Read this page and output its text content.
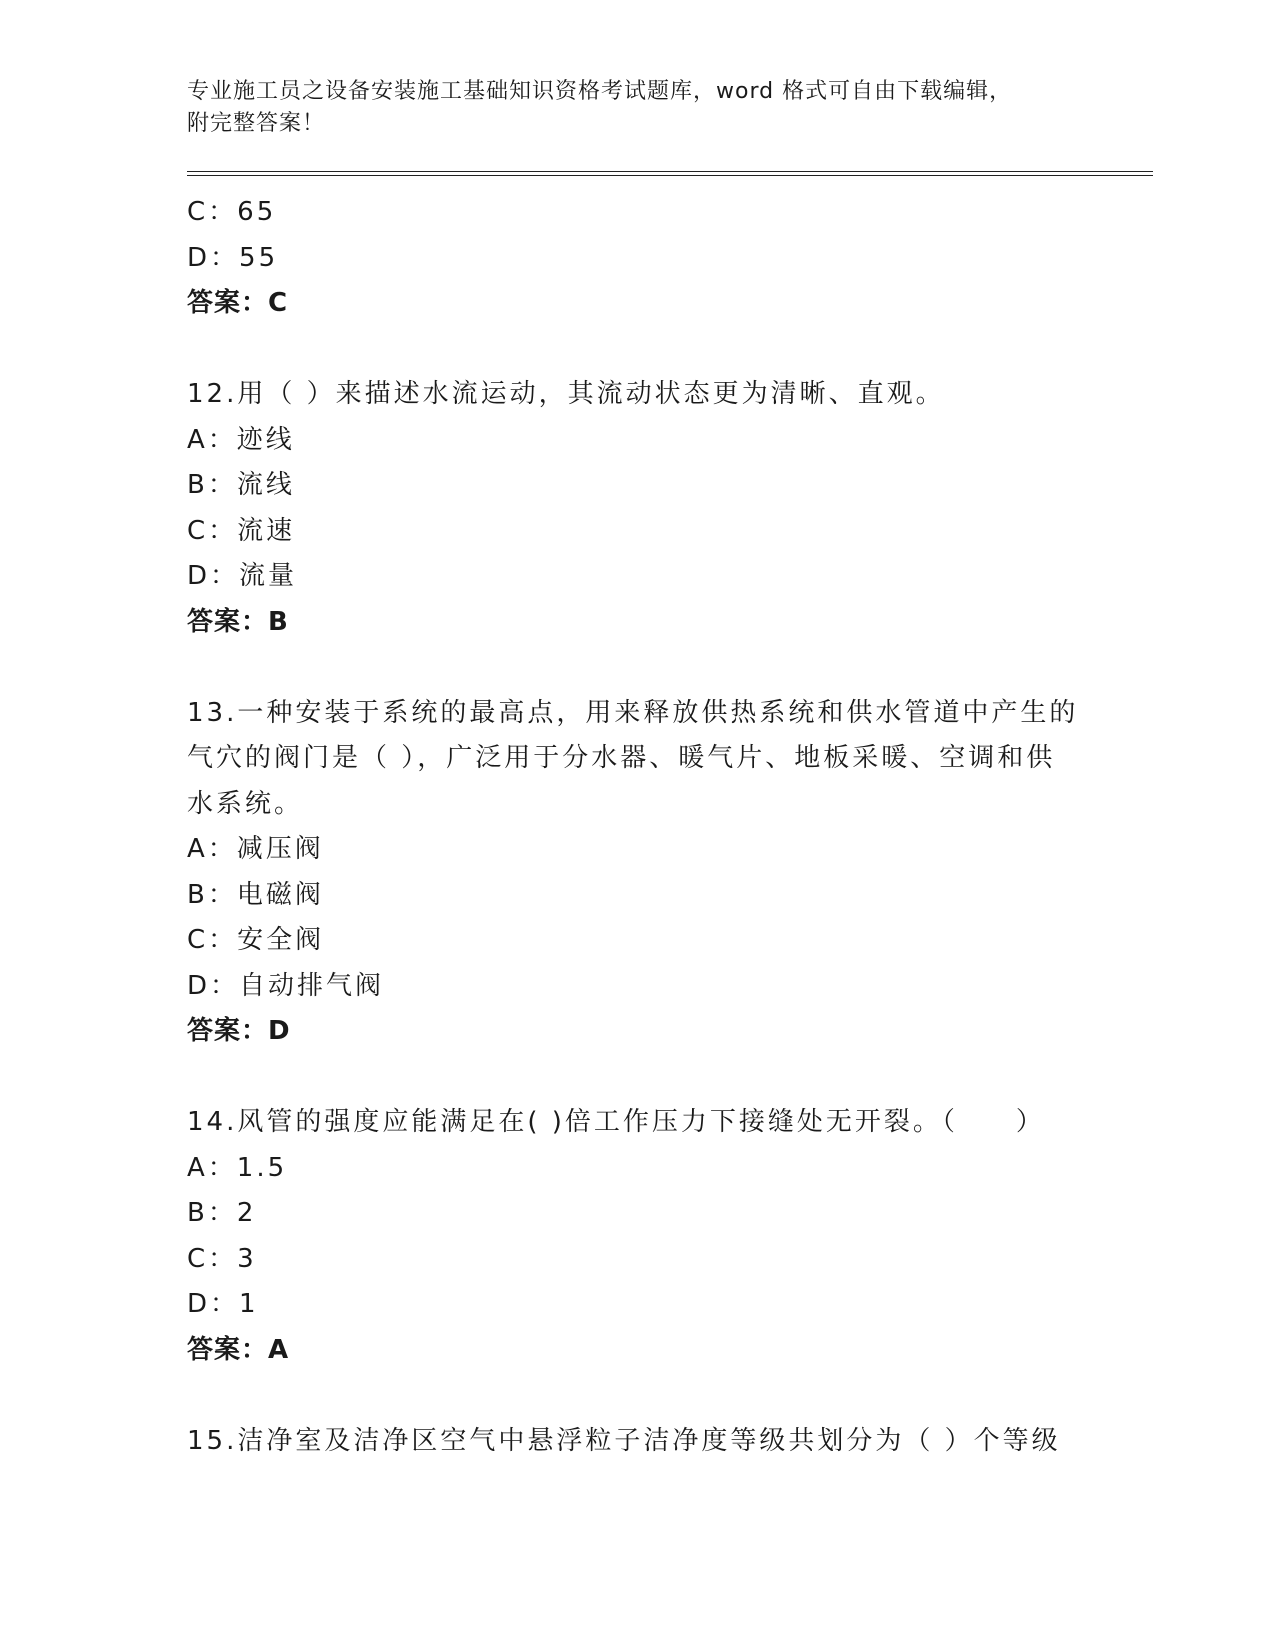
专业施工员之设备安装施工基础知识资格考试题库，word 格式可自由下载编辑，
附完整答案！
C：65
D：55
答案：C
12.用（ ）来描述水流运动，其流动状态更为清晰、直观。
A：迹线
B：流线
C：流速
D：流量
答案：B
13.一种安装于系统的最高点，用来释放供热系统和供水管道中产生的
气穴的阀门是（ ），广泛用于分水器、暖气片、地板采暖、空调和供
水系统。
A：减压阀
B：电磁阀
C：安全阀
D：自动排气阀
答案：D
14.风管的强度应能满足在( )倍工作压力下接缝处无开裂。（　　）
A：1.5
B：2
C：3
D：1
答案：A
15.洁净室及洁净区空气中悬浮粒子洁净度等级共划分为（ ）个等级
